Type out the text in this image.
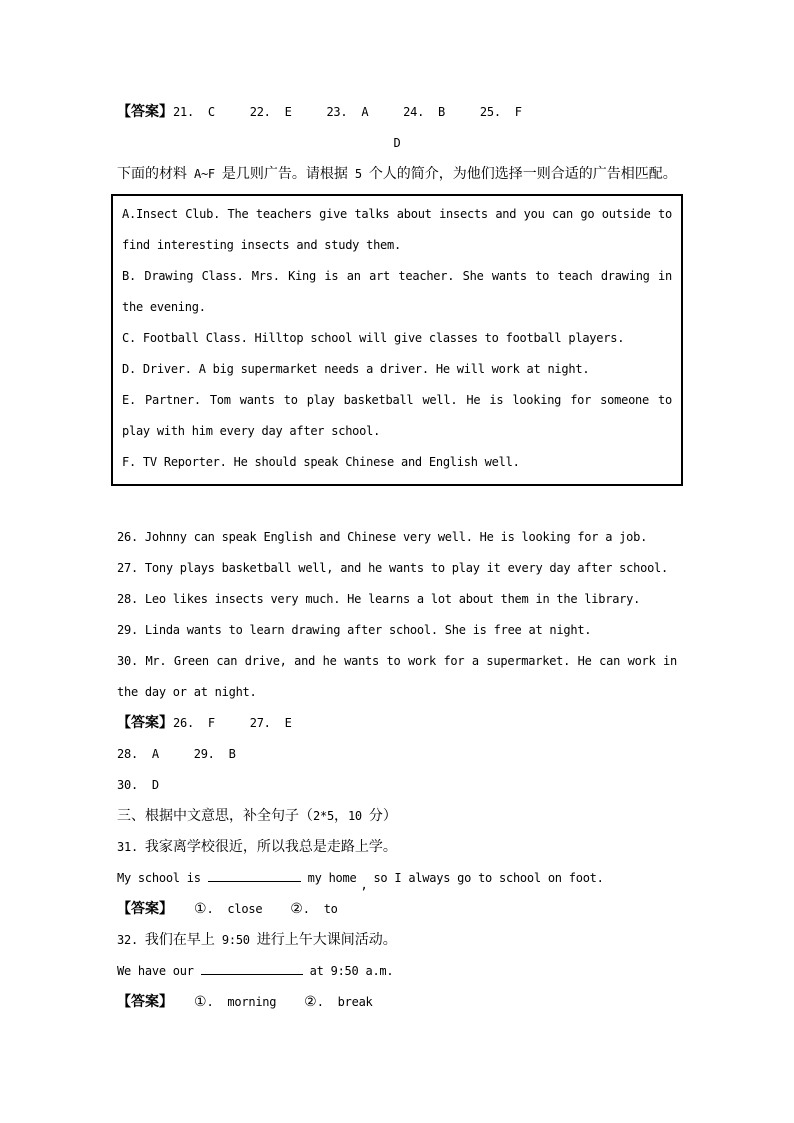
【答案】21.  C     22.  E     23.  A     24.  B     25.  F

D

下面的材料 A~F 是几则广告。请根据 5 个人的简介，为他们选择一则合适的广告相匹配。

A.Insect Club. The teachers give talks about insects and you can go outside to find interesting insects and study them.

B. Drawing Class. Mrs. King is an art teacher. She wants to teach drawing in the evening.

C. Football Class. Hilltop school will give classes to football players.

D. Driver. A big supermarket needs a driver. He will work at night.

E. Partner. Tom wants to play basketball well. He is looking for someone to play with him every day after school.

F. TV Reporter. He should speak Chinese and English well.

26. Johnny can speak English and Chinese very well. He is looking for a job.

27. Tony plays basketball well, and he wants to play it every day after school.

28. Leo likes insects very much. He learns a lot about them in the library.

29. Linda wants to learn drawing after school. She is free at night.

30. Mr. Green can drive, and he wants to work for a supermarket. He can work in the day or at night.

【答案】26.  F     27.  E

28.  A     29.  B

30.  D

三、根据中文意思，补全句子（2*5，10 分）

31. 我家离学校很近，所以我总是走路上学。

My school is	my home , so I always go to school on foot.

【答案】 ①.  close    ②.  to

32. 我们在早上 9:50 进行上午大课间活动。

We have our	at 9:50 a.m.

【答案】 ①.  morning    ②.  break
